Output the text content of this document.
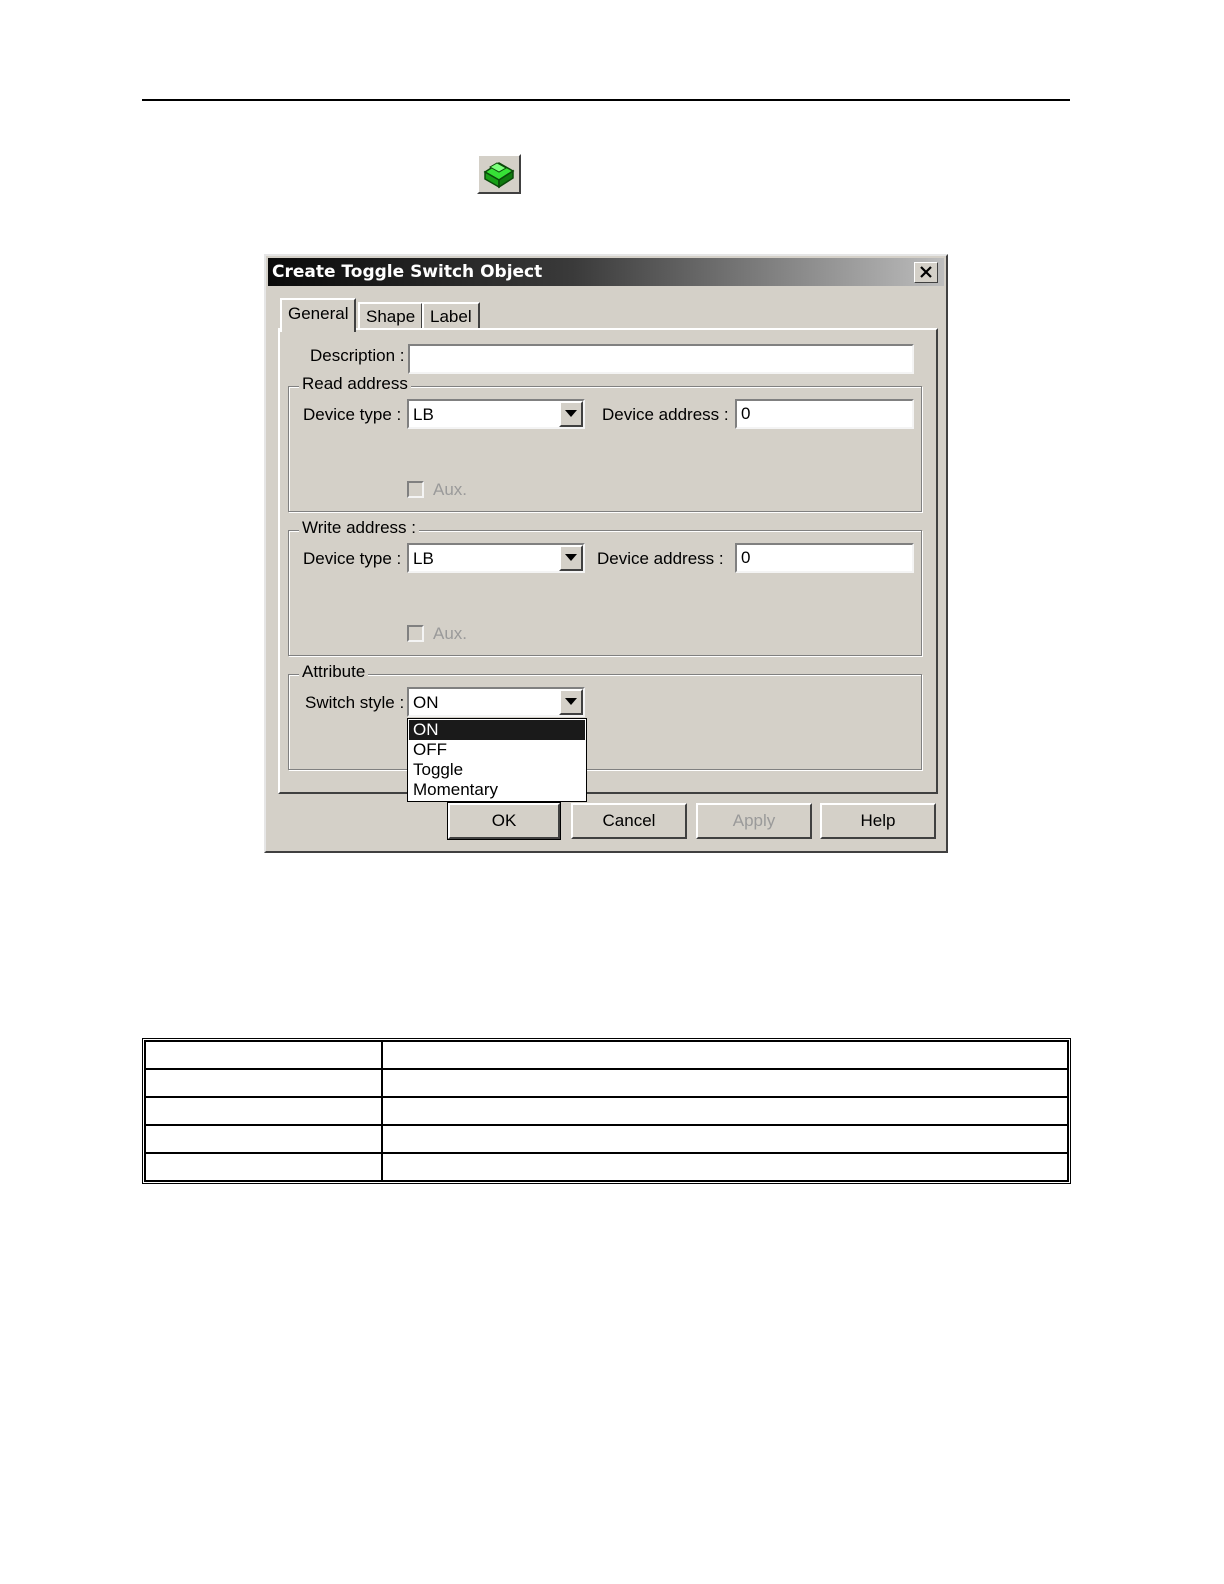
Create Toggle Switch Object
General	Shape Label
Description :
Read address
Device type : LB	Device address : 0
Aux.
Write address :
Device type : LB	Device address :	0
Aux.
Attribute
Switch style : ON
OK	Cancel	Apply	Help
ON
OFF
Toggle
Momentary
